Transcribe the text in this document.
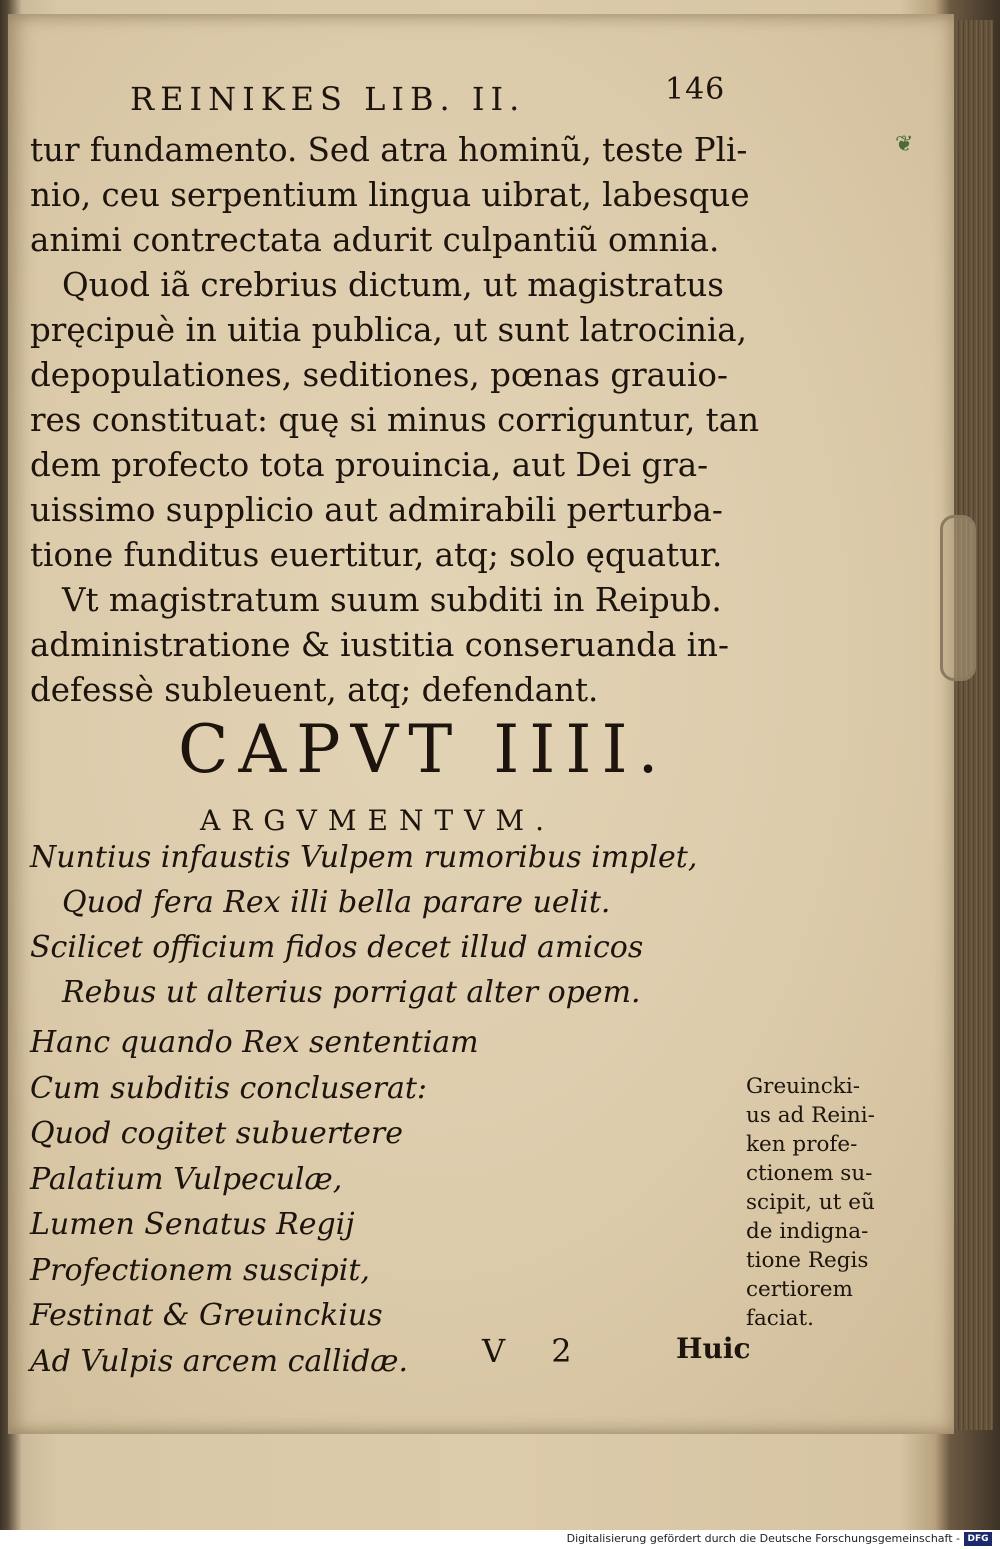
❦
REINIKES LIB. II.	146
tur fundamento. Sed atra hominũ, teste Pli-
nio, ceu serpentium lingua uibrat, labesque
animi contrectata adurit culpantiũ omnia.
Quod iã crebrius dictum, ut magistratus
pręcipuè in uitia publica, ut sunt latrocinia,
depopulationes, seditiones, pœnas grauio-
res constituat: quę si minus corriguntur, tan
dem profecto tota prouincia, aut Dei gra-
uissimo supplicio aut admirabili perturba-
tione funditus euertitur, atq; solo ęquatur.
Vt magistratum suum subditi in Reipub.
administratione & iustitia conseruanda in-
defessè subleuent, atq; defendant.
CAPVT IIII.
ARGVMENTVM.
Nuntius infaustis Vulpem rumoribus implet,
Quod fera Rex illi bella parare uelit.
Scilicet officium fidos decet illud amicos
Rebus ut alterius porrigat alter opem.
Hanc quando Rex sententiam
Cum subditis concluserat:
Quod cogitet subuertere
Palatium Vulpeculæ,
Lumen Senatus Regij
Profectionem suscipit,
Festinat & Greuinckius
Ad Vulpis arcem callidæ.
Greuincki-
us ad Reini-
ken profe-
ctionem su-
scipit, ut eũ
de indigna-
tione Regis
certiorem
faciat.
V 2	Huic
Digitalisierung gefördert durch die Deutsche Forschungsgemeinschaft - DFG
